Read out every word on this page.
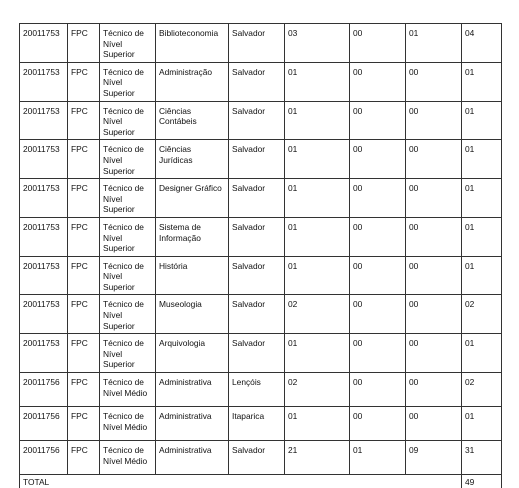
20011753	FPC	Técnico de Nível Superior	Biblioteconomia	Salvador	03	00	01	04
20011753	FPC	Técnico de Nível Superior	Administração	Salvador	01	00	00	01
20011753	FPC	Técnico de Nível Superior	Ciências Contábeis	Salvador	01	00	00	01
20011753	FPC	Técnico de Nível Superior	Ciências Jurídicas	Salvador	01	00	00	01
20011753	FPC	Técnico de Nível Superior	Designer Gráfico	Salvador	01	00	00	01
20011753	FPC	Técnico de Nível Superior	Sistema de Informação	Salvador	01	00	00	01
20011753	FPC	Técnico de Nível Superior	História	Salvador	01	00	00	01
20011753	FPC	Técnico de Nível Superior	Museologia	Salvador	02	00	00	02
20011753	FPC	Técnico de Nível Superior	Arquivologia	Salvador	01	00	00	01
20011756	FPC	Técnico de Nível Médio	Administrativa	Lençóis	02	00	00	02
20011756	FPC	Técnico de Nível Médio	Administrativa	Itaparica	01	00	00	01
20011756	FPC	Técnico de Nível Médio	Administrativa	Salvador	21	01	09	31
TOTAL								49
